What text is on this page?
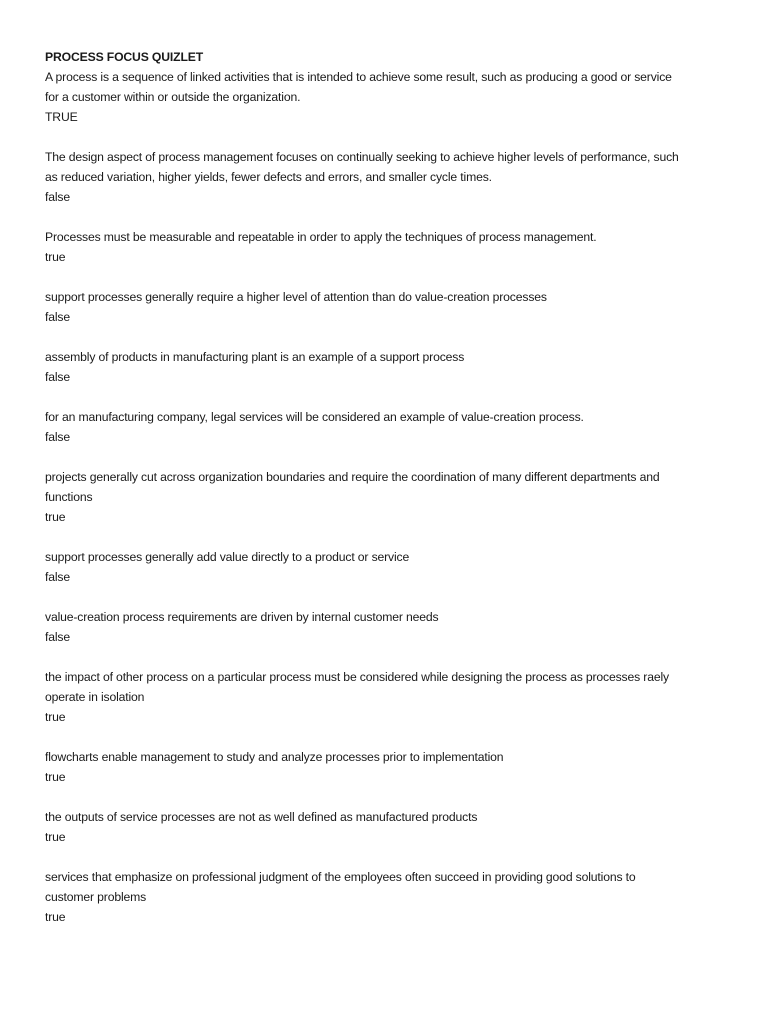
PROCESS FOCUS QUIZLET
A process is a sequence of linked activities that is intended to achieve some result, such as producing a good or service
for a customer within or outside the organization.
TRUE
The design aspect of process management focuses on continually seeking to achieve higher levels of performance, such
as reduced variation, higher yields, fewer defects and errors, and smaller cycle times.
false
Processes must be measurable and repeatable in order to apply the techniques of process management.
true
support processes generally require a higher level of attention than do value-creation processes
false
assembly of products in manufacturing plant is an example of a support process
false
for an manufacturing company, legal services will be considered an example of value-creation process.
false
projects generally cut across organization boundaries and require the coordination of many different departments and
functions
true
support processes generally add value directly to a product or service
false
value-creation process requirements are driven by internal customer needs
false
the impact of other process on a particular process must be considered while designing the process as processes raely
operate in isolation
true
flowcharts enable management to study and analyze processes prior to implementation
true
the outputs of service processes are not as well defined as manufactured products
true
services that emphasize on professional judgment of the employees often succeed in providing good solutions to
customer problems
true
